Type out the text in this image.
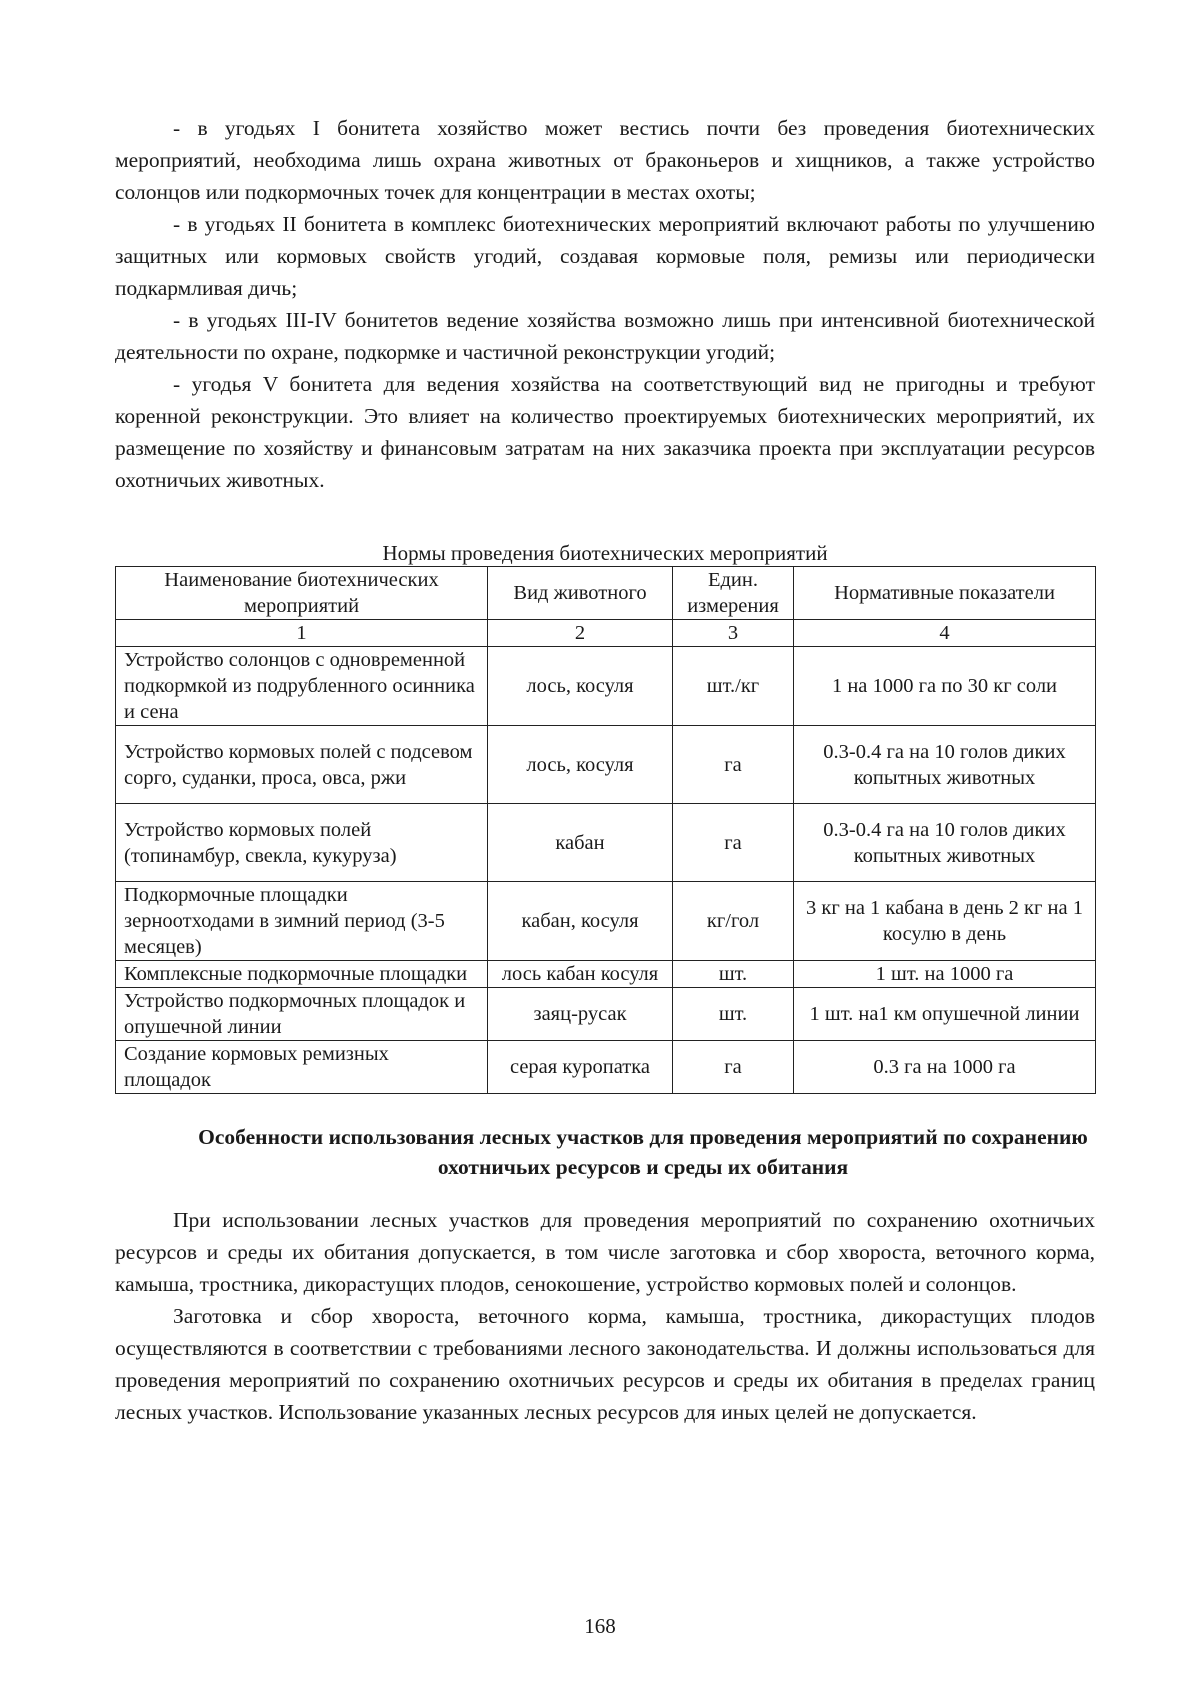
- в угодьях I бонитета хозяйство может вестись почти без проведения биотехнических мероприятий, необходима лишь охрана животных от браконьеров и хищников, а также устройство солонцов или подкормочных точек для концентрации в местах охоты;

- в угодьях II бонитета в комплекс биотехнических мероприятий включают работы по улучшению защитных или кормовых свойств угодий, создавая кормовые поля, ремизы или периодически подкармливая дичь;

- в угодьях III-IV бонитетов ведение хозяйства возможно лишь при интенсивной биотехнической деятельности по охране, подкормке и частичной реконструкции угодий;

- угодья V бонитета для ведения хозяйства на соответствующий вид не пригодны и требуют коренной реконструкции. Это влияет на количество проектируемых биотехнических мероприятий, их размещение по хозяйству и финансовым затратам на них заказчика проекта при эксплуатации ресурсов охотничьих животных.

Нормы проведения биотехнических мероприятий
Наименование биотехнических мероприятий	Вид животного	Един. измерения	Нормативные показатели
1	2	3	4
Устройство солонцов с одновременной подкормкой из подрубленного осинника и сена	лось, косуля	шт./кг	1 на 1000 га по 30 кг соли
Устройство кормовых полей с подсевом сорго, суданки, проса, овса, ржи	лось, косуля	га	0.3-0.4 га на 10 голов диких копытных животных
Устройство кормовых полей (топинамбур, свекла, кукуруза)	кабан	га	0.3-0.4 га на 10 голов диких копытных животных
Подкормочные площадки зерноотходами в зимний период (3-5 месяцев)	кабан, косуля	кг/гол	3 кг на 1 кабана в день 2 кг на 1 косулю в день
Комплексные подкормочные площадки	лось кабан косуля	шт.	1 шт. на 1000 га
Устройство подкормочных площадок и опушечной линии	заяц-русак	шт.	1 шт. на1 км опушечной линии
Создание кормовых ремизных площадок	серая куропатка	га	0.3 га на 1000 га
Особенности использования лесных участков для проведения мероприятий по сохранению охотничьих ресурсов и среды их обитания

При использовании лесных участков для проведения мероприятий по сохранению охотничьих ресурсов и среды их обитания допускается, в том числе заготовка и сбор хвороста, веточного корма, камыша, тростника, дикорастущих плодов, сенокошение, устройство кормовых полей и солонцов.

Заготовка и сбор хвороста, веточного корма, камыша, тростника, дикорастущих плодов осуществляются в соответствии с требованиями лесного законодательства. И должны использоваться для проведения мероприятий по сохранению охотничьих ресурсов и среды их обитания в пределах границ лесных участков. Использование указанных лесных ресурсов для иных целей не допускается.

168
